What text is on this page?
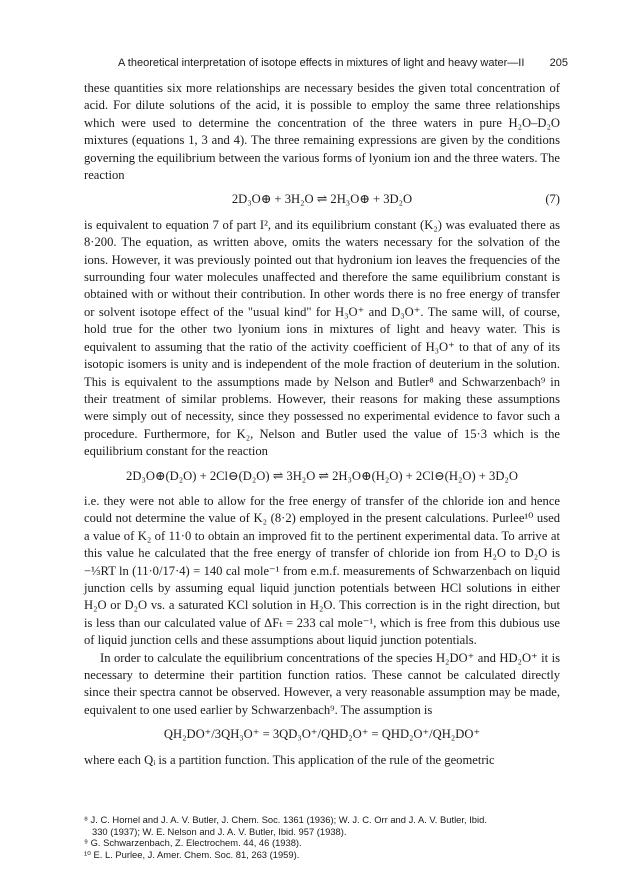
A theoretical interpretation of isotope effects in mixtures of light and heavy water—II 205

these quantities six more relationships are necessary besides the given total concentration of acid. For dilute solutions of the acid, it is possible to employ the same three relationships which were used to determine the concentration of the three waters in pure H₂O–D₂O mixtures (equations 1, 3 and 4). The three remaining expressions are given by the conditions governing the equilibrium between the various forms of lyonium ion and the three waters. The reaction

2D₃O⊕ + 3H₂O ⇌ 2H₃O⊕ + 3D₂O	(7)

is equivalent to equation 7 of part I², and its equilibrium constant (K₂) was evaluated there as 8·200. The equation, as written above, omits the waters necessary for the solvation of the ions. However, it was previously pointed out that hydronium ion leaves the frequencies of the surrounding four water molecules unaffected and therefore the same equilibrium constant is obtained with or without their contribution. In other words there is no free energy of transfer or solvent isotope effect of the "usual kind" for H₃O⁺ and D₃O⁺. The same will, of course, hold true for the other two lyonium ions in mixtures of light and heavy water. This is equivalent to assuming that the ratio of the activity coefficient of H₃O⁺ to that of any of its isotopic isomers is unity and is independent of the mole fraction of deuterium in the solution. This is equivalent to the assumptions made by Nelson and Butler⁸ and Schwarzenbach⁹ in their treatment of similar problems. However, their reasons for making these assumptions were simply out of necessity, since they possessed no experimental evidence to favor such a procedure. Furthermore, for K₂, Nelson and Butler used the value of 15·3 which is the equilibrium constant for the reaction

2D₃O⊕(D₂O) + 2Cl⊖(D₂O) ⇌ 3H₂O ⇌ 2H₃O⊕(H₂O) + 2Cl⊖(H₂O) + 3D₂O

i.e. they were not able to allow for the free energy of transfer of the chloride ion and hence could not determine the value of K₂ (8·2) employed in the present calculations. Purlee¹⁰ used a value of K₂ of 11·0 to obtain an improved fit to the pertinent experimental data. To arrive at this value he calculated that the free energy of transfer of chloride ion from H₂O to D₂O is −⅓RT ln (11·0/17·4) = 140 cal mole⁻¹ from e.m.f. measurements of Schwarzenbach on liquid junction cells by assuming equal liquid junction potentials between HCl solutions in either H₂O or D₂O vs. a saturated KCl solution in H₂O. This correction is in the right direction, but is less than our calculated value of ΔFₜ = 233 cal mole⁻¹, which is free from this dubious use of liquid junction cells and these assumptions about liquid junction potentials.

In order to calculate the equilibrium concentrations of the species H₂DO⁺ and HD₂O⁺ it is necessary to determine their partition function ratios. These cannot be calculated directly since their spectra cannot be observed. However, a very reasonable assumption may be made, equivalent to one used earlier by Schwarzenbach⁹. The assumption is

QH₂DO⁺/3QH₃O⁺ = 3QD₃O⁺/QHD₂O⁺ = QHD₂O⁺/QH₂DO⁺

where each Qᵢ is a partition function. This application of the rule of the geometric

⁸ J. C. Hornel and J. A. V. Butler, J. Chem. Soc. 1361 (1936); W. J. C. Orr and J. A. V. Butler, Ibid.
330 (1937); W. E. Nelson and J. A. V. Butler, Ibid. 957 (1938).
⁹ G. Schwarzenbach, Z. Electrochem. 44, 46 (1938).
¹⁰ E. L. Purlee, J. Amer. Chem. Soc. 81, 263 (1959).
